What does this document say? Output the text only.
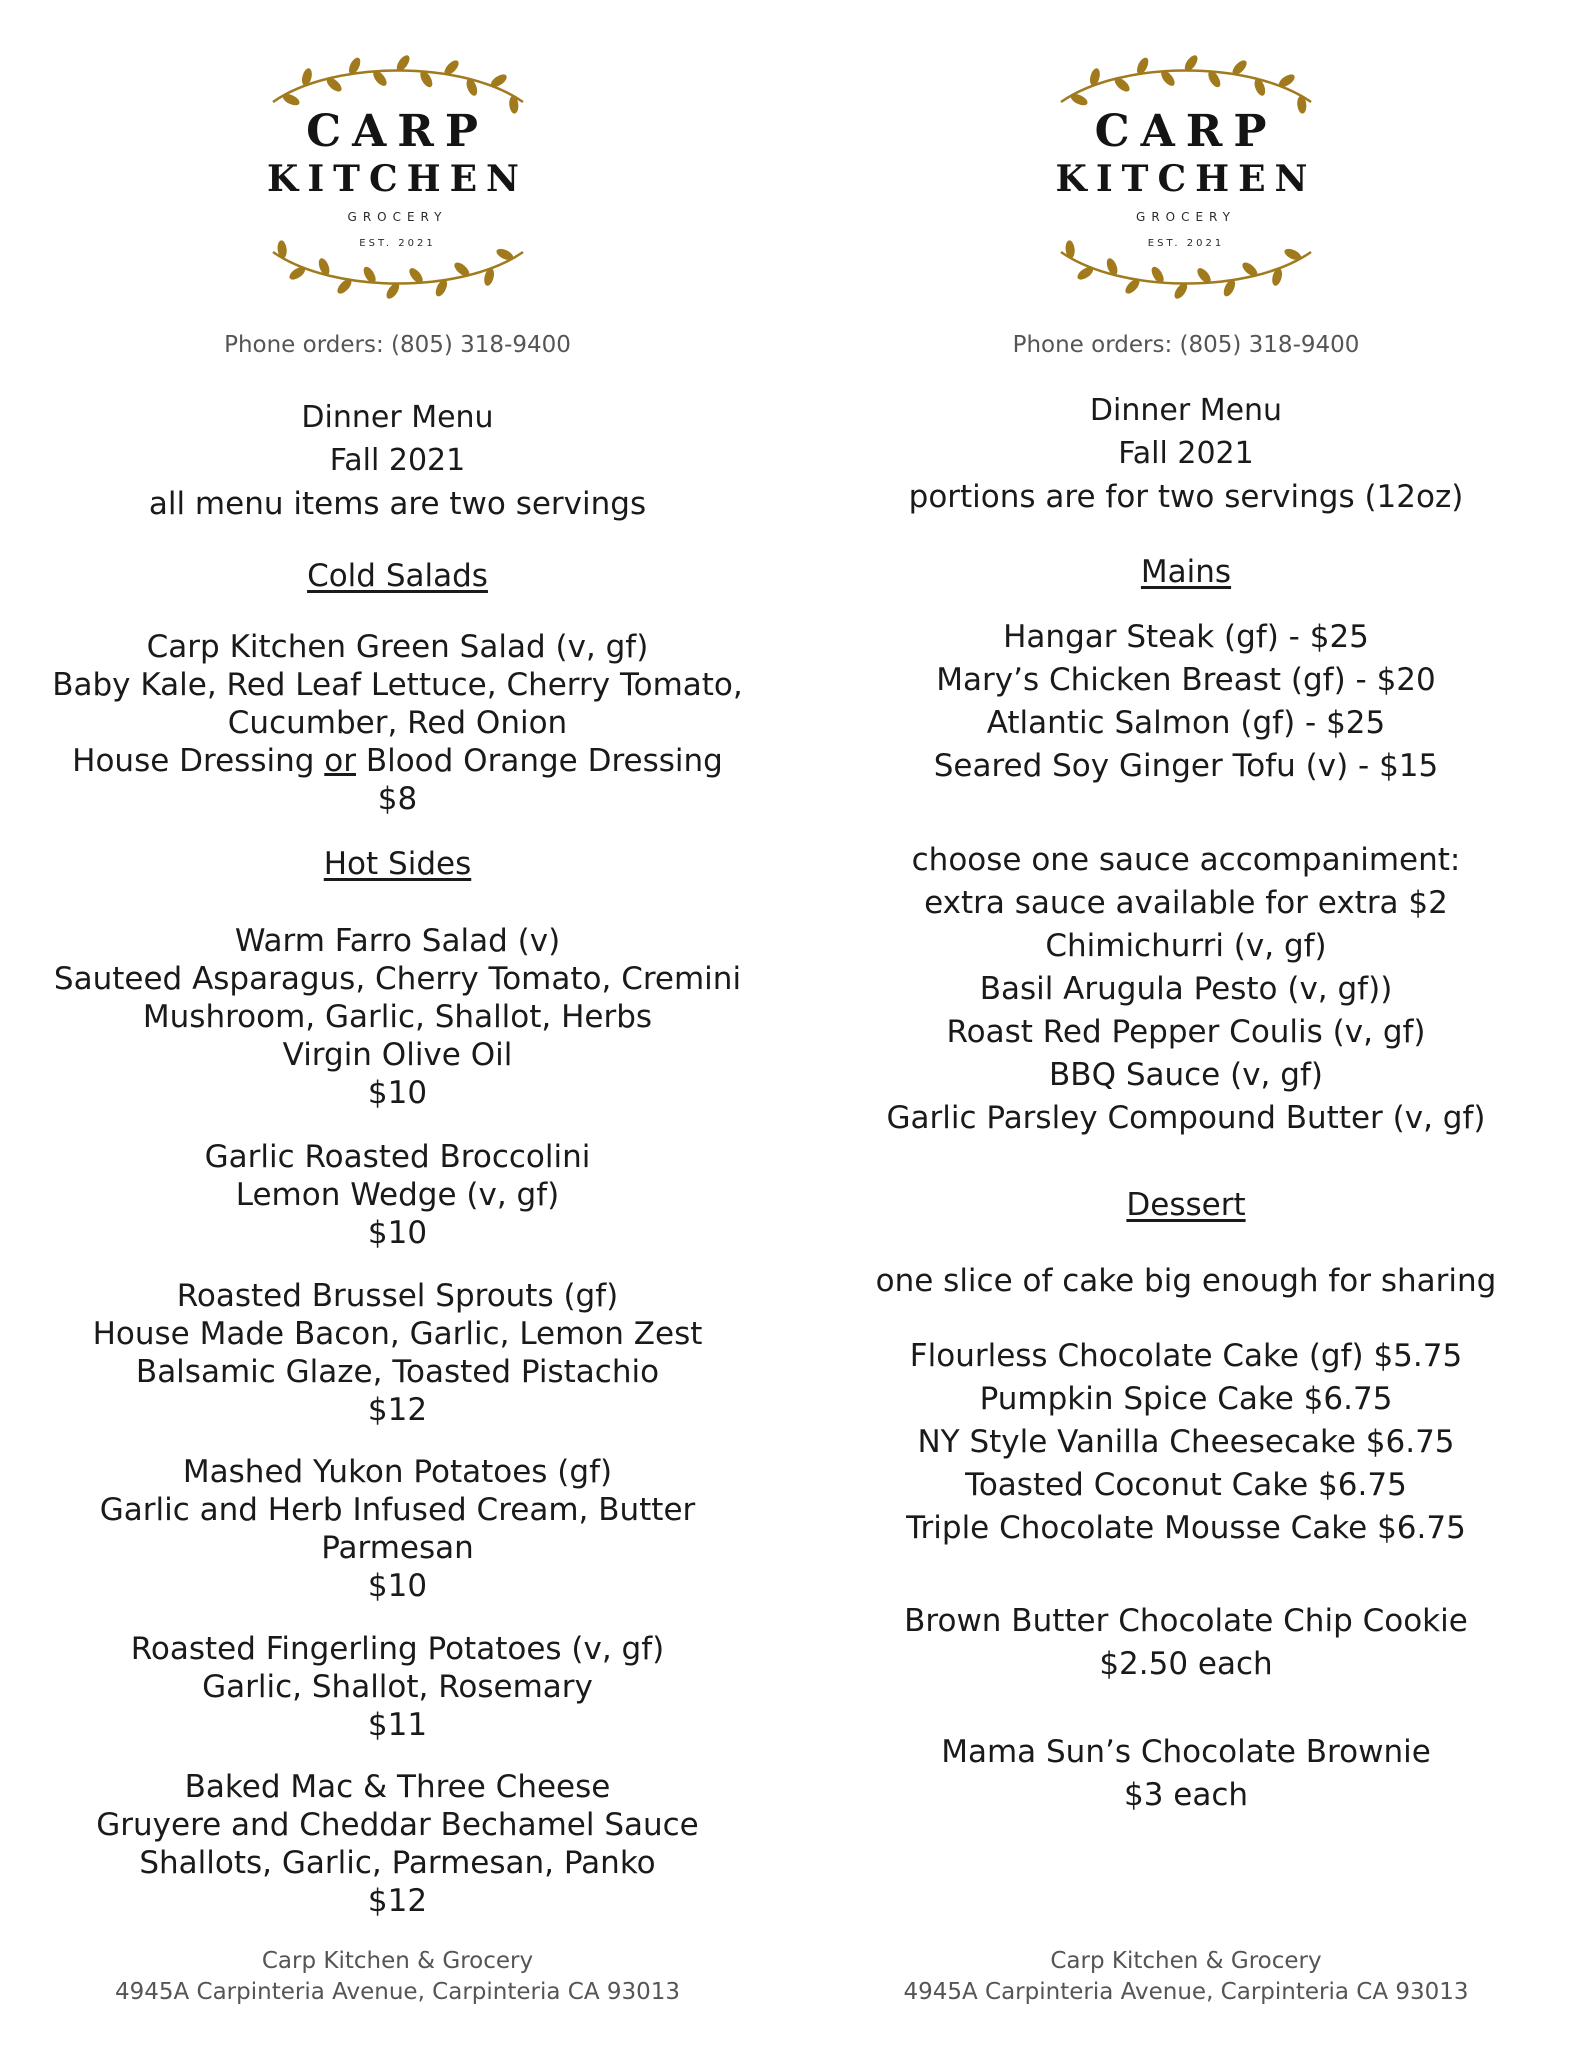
CARP
KITCHEN
GROCERY
EST. 2021
Phone orders: (805) 318-9400
Dinner Menu
Fall 2021
all menu items are two servings
Cold Salads
Carp Kitchen Green Salad (v, gf)
Baby Kale, Red Leaf Lettuce, Cherry Tomato,
Cucumber, Red Onion
House Dressing or Blood Orange Dressing
$8
Hot Sides
Warm Farro Salad (v)
Sauteed Asparagus, Cherry Tomato, Cremini
Mushroom, Garlic, Shallot, Herbs
Virgin Olive Oil
$10
Garlic Roasted Broccolini
Lemon Wedge (v, gf)
$10
Roasted Brussel Sprouts (gf)
House Made Bacon, Garlic, Lemon Zest
Balsamic Glaze, Toasted Pistachio
$12
Mashed Yukon Potatoes (gf)
Garlic and Herb Infused Cream, Butter
Parmesan
$10
Roasted Fingerling Potatoes (v, gf)
Garlic, Shallot, Rosemary
$11
Baked Mac & Three Cheese
Gruyere and Cheddar Bechamel Sauce
Shallots, Garlic, Parmesan, Panko
$12
Carp Kitchen & Grocery
4945A Carpinteria Avenue, Carpinteria CA 93013
CARP
KITCHEN
GROCERY
EST. 2021
Phone orders: (805) 318-9400
Dinner Menu
Fall 2021
portions are for two servings (12oz)
Mains
Hangar Steak (gf) - $25
Mary’s Chicken Breast (gf) - $20
Atlantic Salmon (gf) - $25
Seared Soy Ginger Tofu (v) - $15
choose one sauce accompaniment:
extra sauce available for extra $2
Chimichurri (v, gf)
Basil Arugula Pesto (v, gf))
Roast Red Pepper Coulis (v, gf)
BBQ Sauce (v, gf)
Garlic Parsley Compound Butter (v, gf)
Dessert
one slice of cake big enough for sharing
Flourless Chocolate Cake (gf) $5.75
Pumpkin Spice Cake $6.75
NY Style Vanilla Cheesecake $6.75
Toasted Coconut Cake $6.75
Triple Chocolate Mousse Cake $6.75
Brown Butter Chocolate Chip Cookie
$2.50 each
Mama Sun’s Chocolate Brownie
$3 each
Carp Kitchen & Grocery
4945A Carpinteria Avenue, Carpinteria CA 93013
